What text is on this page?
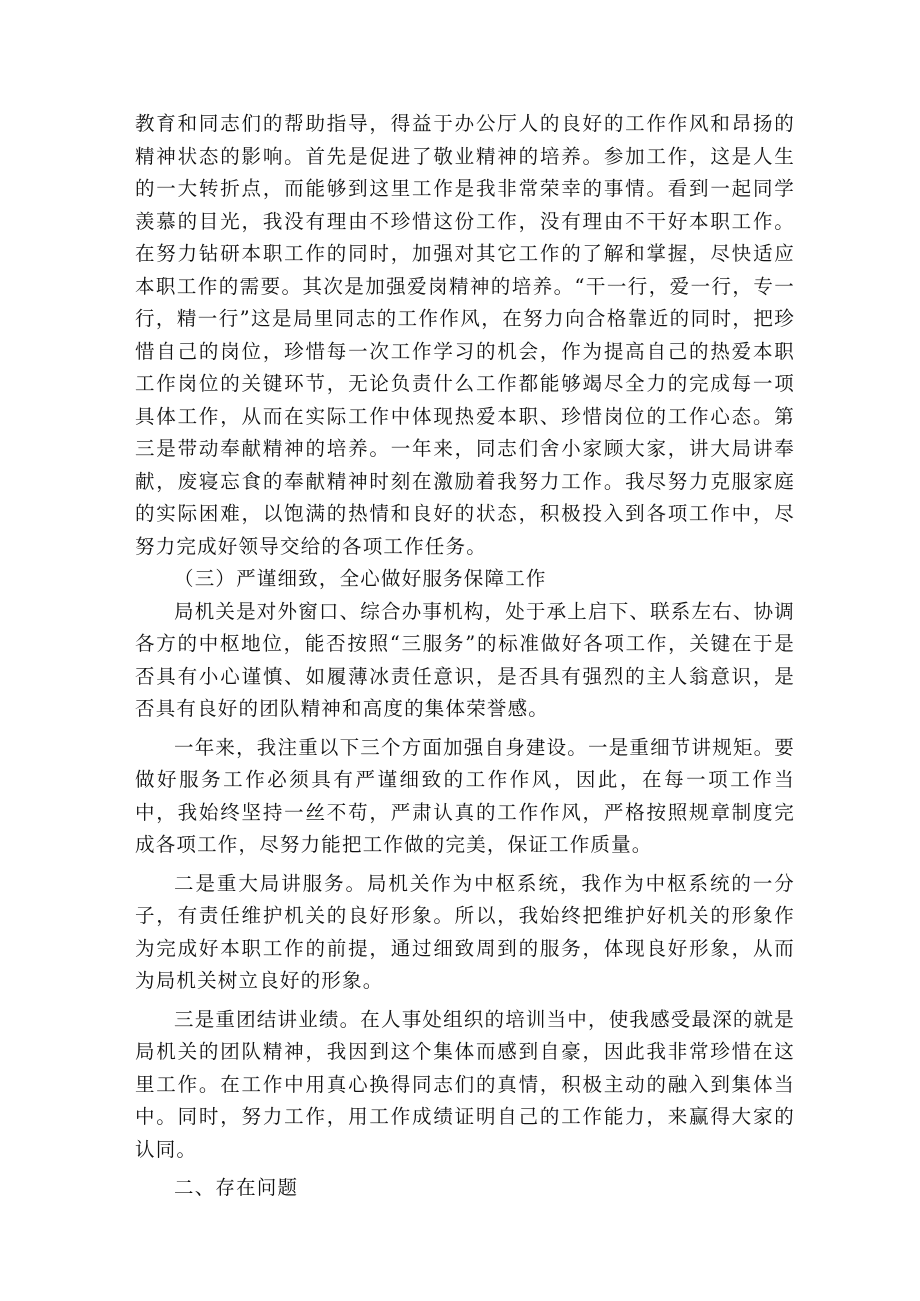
教育和同志们的帮助指导，得益于办公厅人的良好的工作作风和昂扬的精神状态的影响。首先是促进了敬业精神的培养。参加工作，这是人生的一大转折点，而能够到这里工作是我非常荣幸的事情。看到一起同学羡慕的目光，我没有理由不珍惜这份工作，没有理由不干好本职工作。在努力钻研本职工作的同时，加强对其它工作的了解和掌握，尽快适应本职工作的需要。其次是加强爱岗精神的培养。“干一行，爱一行，专一行，精一行”这是局里同志的工作作风，在努力向合格靠近的同时，把珍惜自己的岗位，珍惜每一次工作学习的机会，作为提高自己的热爱本职工作岗位的关键环节，无论负责什么工作都能够竭尽全力的完成每一项具体工作，从而在实际工作中体现热爱本职、珍惜岗位的工作心态。第三是带动奉献精神的培养。一年来，同志们舍小家顾大家，讲大局讲奉献，废寝忘食的奉献精神时刻在激励着我努力工作。我尽努力克服家庭的实际困难，以饱满的热情和良好的状态，积极投入到各项工作中，尽努力完成好领导交给的各项工作任务。

（三）严谨细致，全心做好服务保障工作

局机关是对外窗口、综合办事机构，处于承上启下、联系左右、协调各方的中枢地位，能否按照“三服务”的标准做好各项工作，关键在于是否具有小心谨慎、如履薄冰责任意识，是否具有强烈的主人翁意识，是否具有良好的团队精神和高度的集体荣誉感。

一年来，我注重以下三个方面加强自身建设。一是重细节讲规矩。要做好服务工作必须具有严谨细致的工作作风，因此，在每一项工作当中，我始终坚持一丝不苟，严肃认真的工作作风，严格按照规章制度完成各项工作，尽努力能把工作做的完美，保证工作质量。

二是重大局讲服务。局机关作为中枢系统，我作为中枢系统的一分子，有责任维护机关的良好形象。所以，我始终把维护好机关的形象作为完成好本职工作的前提，通过细致周到的服务，体现良好形象，从而为局机关树立良好的形象。

三是重团结讲业绩。在人事处组织的培训当中，使我感受最深的就是局机关的团队精神，我因到这个集体而感到自豪，因此我非常珍惜在这里工作。在工作中用真心换得同志们的真情，积极主动的融入到集体当中。同时，努力工作，用工作成绩证明自己的工作能力，来赢得大家的认同。

二、存在问题
